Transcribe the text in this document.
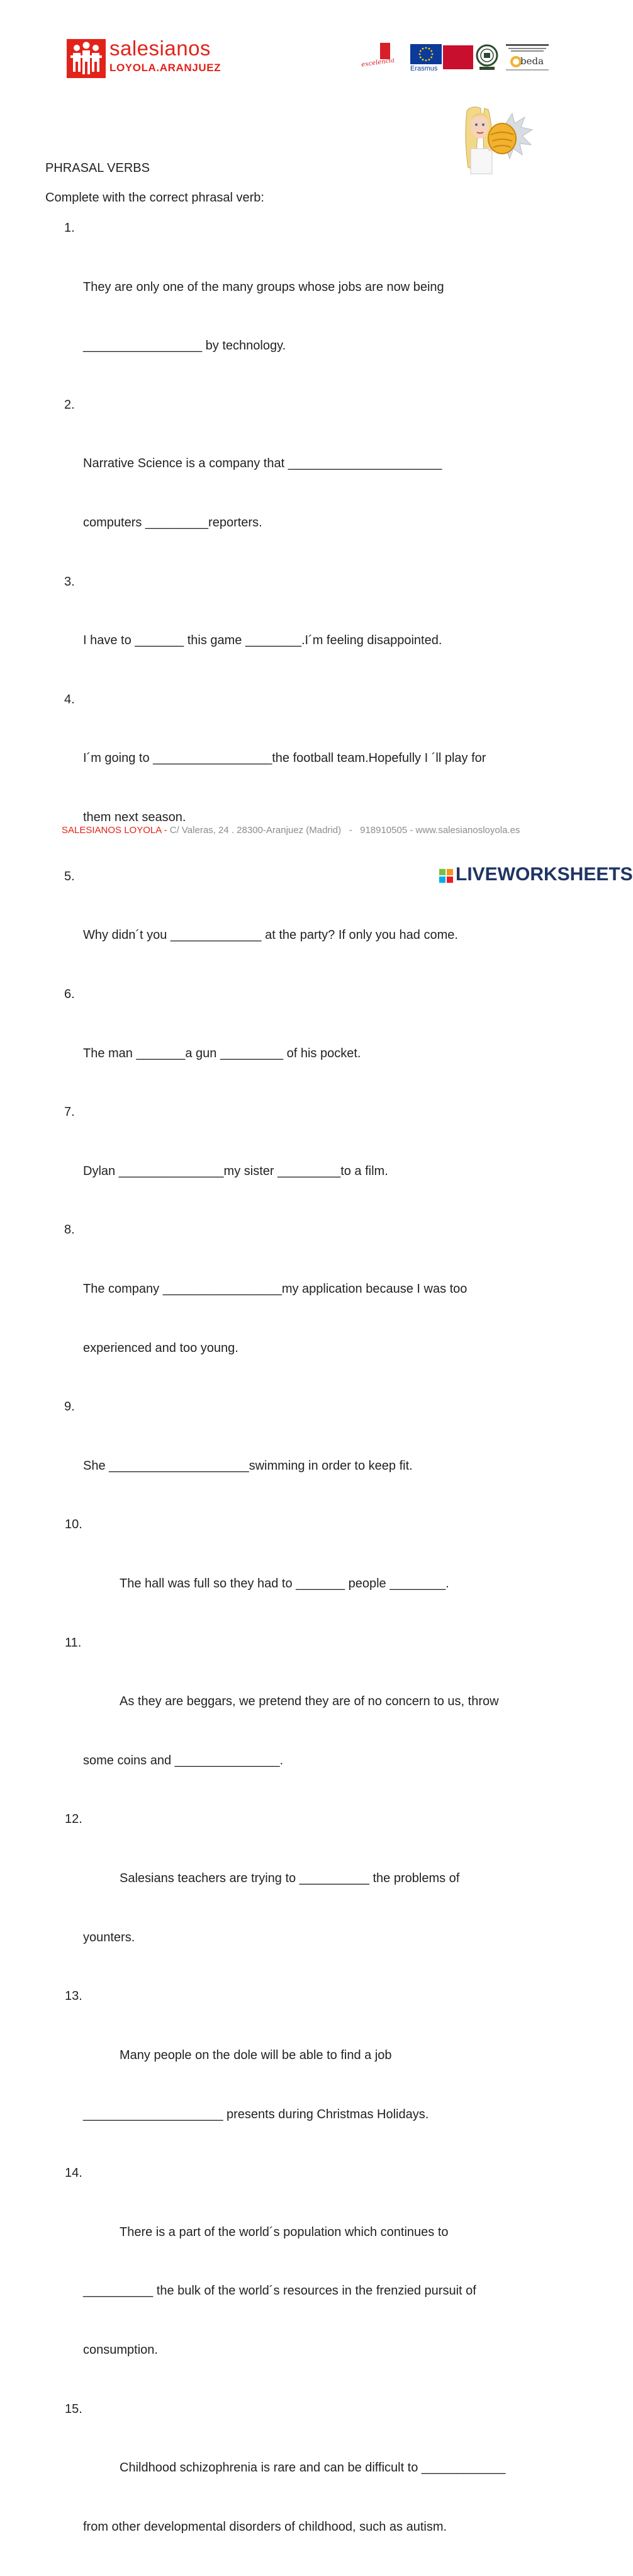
salesianos
LOYOLA.ARANJUEZ	excelencia
Erasmus
beda
PHRASAL VERBS
Complete with the correct phrasal verb:

1.

They are only one of the many groups whose jobs are now being

_________________ by technology.

2.

Narrative Science is a company that ______________________

computers _________reporters.

3.

I have to _______ this game ________.I´m feeling disappointed.

4.

I´m going to _________________the football team.Hopefully I ´ll play for

them next season.

5.

Why didn´t you _____________ at the party? If only you had come.

6.

The man _______a gun _________ of his pocket.

7.

Dylan _______________my sister _________to a film.

8.

The company _________________my application because I was too

experienced and too young.

9.

She ____________________swimming in order to keep fit.

10.

The hall was full so they had to _______ people ________.

11.

As they are beggars, we pretend they are of no concern to us, throw

some coins and _______________.

12.

Salesians teachers are trying to __________ the problems of

younters.

13.

Many people on the dole will be able to find a job

____________________ presents during Christmas Holidays.

14.

There is a part of the world´s population which continues to

__________ the bulk of the world´s resources in the frenzied pursuit of

consumption.

15.

Childhood schizophrenia is rare and can be difficult to ____________

from other developmental disorders of childhood, such as autism.

SALESIANOS LOYOLA - C/ Valeras, 24 . 28300-Aranjuez (Madrid)   -   918910505 - www.salesianosloyola.es
LIVEWORKSHEETS
